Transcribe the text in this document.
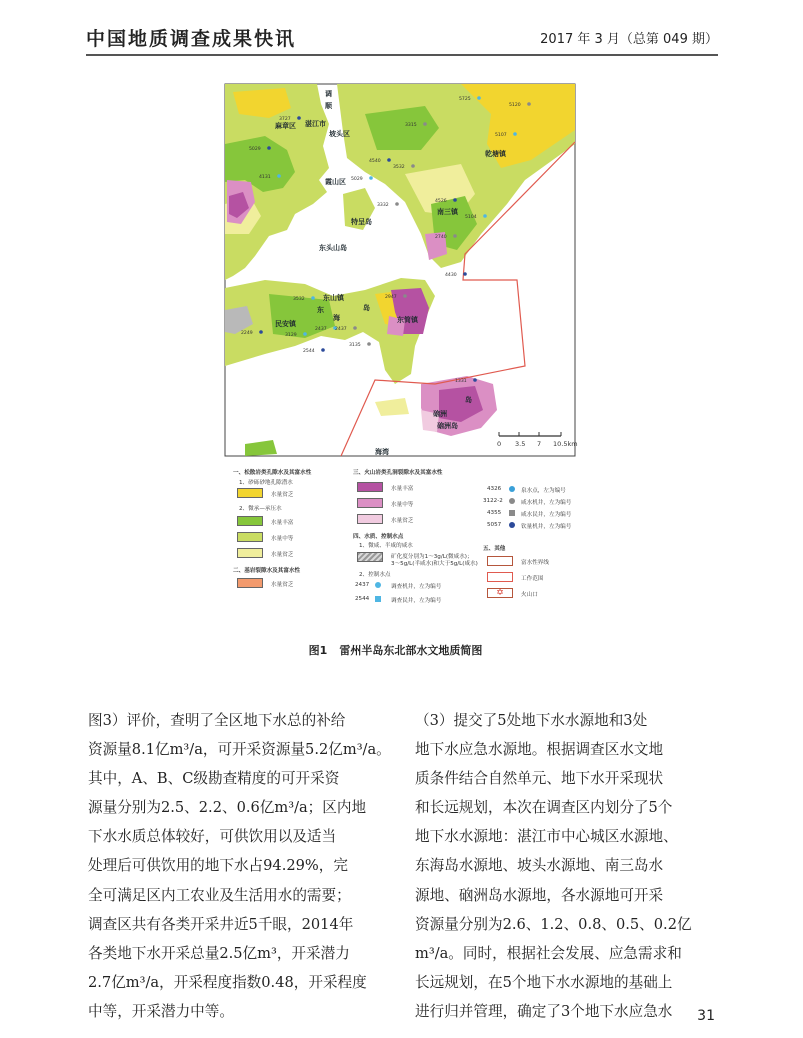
中国地质调查成果快讯	2017 年 3 月（总第 049 期）
0 3.5 7 10.5km
湛江市
麻章区
调
顺
坡头区
霞山区
南三镇
乾塘镇
特呈岛
东头山岛
东山镇
民安镇
东
海
岛
东简镇
硇洲
岛
海湾
硇洲岛
5725
3315
5029
4131
3532
4540
5029
3332
4526
5107
5120
3727
3532	2947
2249
2437 2437
2544
3129
3135
4430
5104
2740
1331
一、松散岩类孔隙水及其富水性
1、砂砾砂地孔隙潜水
水量贫乏
2、微承—承压水
水量丰富
水量中等
水量贫乏
二、基岩裂隙水及其富水性
水量贫乏
三、火山岩类孔洞裂隙水及其富水性
水量丰富
水量中等
水量贫乏
四、水质、控制水点
1、微咸、半咸的咸水
矿化度分别为1～3g/L(微咸水)；
3～5g/L(半咸水)和大于5g/L(咸水)
2、控制水点
2437	调查机井，左为编号
2544	调查民井，左为编号
4326	泉水点，左为编号
3122-2	咸水机井，左为编号
4355	咸水民井，左为编号
5057	钦量机井，左为编号
五、其他
富水性界线
工作范围
✡	火山口
图1 雷州半岛东北部水文地质简图
图3）评价，查明了全区地下水总的补给
资源量8.1亿m³/a，可开采资源量5.2亿m³/a。
其中，A、B、C级勘查精度的可开采资
源量分别为2.5、2.2、0.6亿m³/a；区内地
下水水质总体较好，可供饮用以及适当
处理后可供饮用的地下水占94.29%，完
全可满足区内工农业及生活用水的需要；
调查区共有各类开采井近5千眼，2014年
各类地下水开采总量2.5亿m³，开采潜力
2.7亿m³/a，开采程度指数0.48，开采程度
中等，开采潜力中等。
（3）提交了5处地下水水源地和3处
地下水应急水源地。根据调查区水文地
质条件结合自然单元、地下水开采现状
和长远规划，本次在调查区内划分了5个
地下水水源地：湛江市中心城区水源地、
东海岛水源地、坡头水源地、南三岛水
源地、硇洲岛水源地，各水源地可开采
资源量分别为2.6、1.2、0.8、0.5、0.2亿
m³/a。同时，根据社会发展、应急需求和
长远规划，在5个地下水水源地的基础上
进行归并管理，确定了3个地下水应急水	31
